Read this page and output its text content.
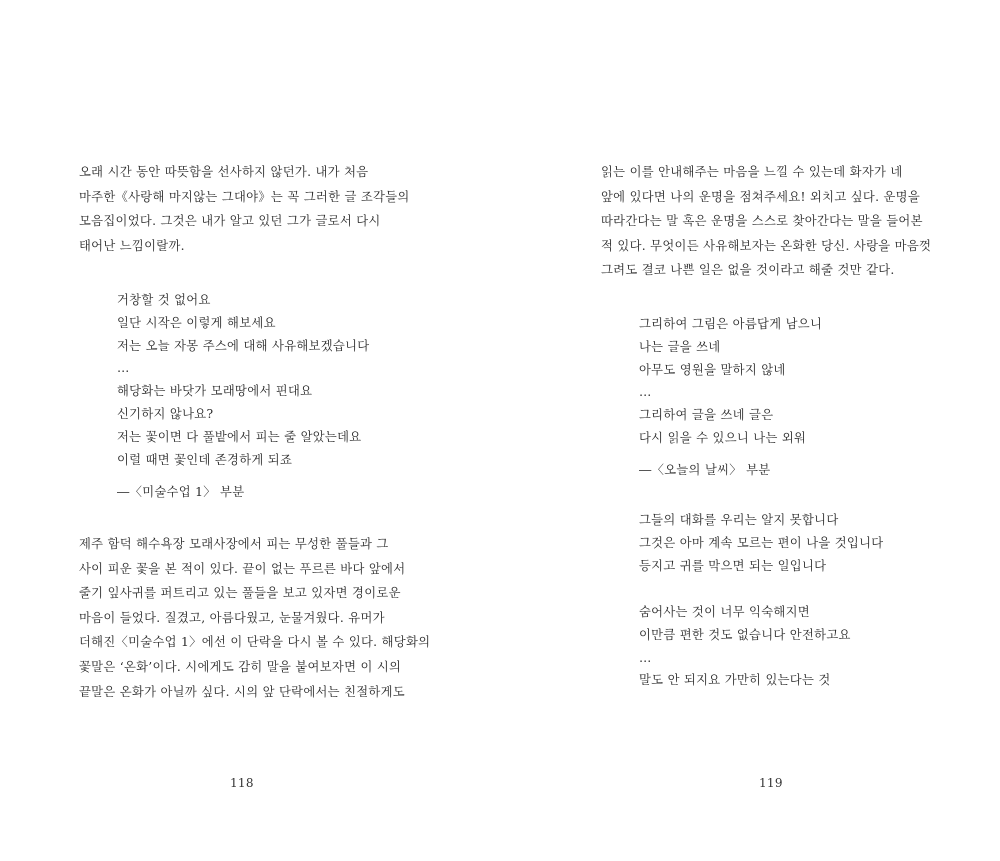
오래 시간 동안 따뜻함을 선사하지 않던가. 내가 처음
마주한《사랑해 마지않는 그대야》는 꼭 그러한 글 조각들의
모음집이었다. 그것은 내가 알고 있던 그가 글로서 다시
태어난 느낌이랄까.
거창할 것 없어요
일단 시작은 이렇게 해보세요
저는 오늘 자몽 주스에 대해 사유해보겠습니다
…
해당화는 바닷가 모래땅에서 핀대요
신기하지 않나요?
저는 꽃이면 다 풀밭에서 피는 줄 알았는데요
이럴 때면 꽃인데 존경하게 되죠
―〈미술수업 1〉 부분
제주 함덕 해수욕장 모래사장에서 피는 무성한 풀들과 그
사이 피운 꽃을 본 적이 있다. 끝이 없는 푸르른 바다 앞에서
줄기 잎사귀를 퍼트리고 있는 풀들을 보고 있자면 경이로운
마음이 들었다. 질겼고, 아름다웠고, 눈물겨웠다. 유머가
더해진〈미술수업 1〉에선 이 단락을 다시 볼 수 있다. 해당화의
꽃말은 ‘온화’이다. 시에게도 감히 말을 붙여보자면 이 시의
끝말은 온화가 아닐까 싶다. 시의 앞 단락에서는 친절하게도
118
읽는 이를 안내해주는 마음을 느낄 수 있는데 화자가 네
앞에 있다면 나의 운명을 점쳐주세요! 외치고 싶다. 운명을
따라간다는 말 혹은 운명을 스스로 찾아간다는 말을 들어본
적 있다. 무엇이든 사유해보자는 온화한 당신. 사랑을 마음껏
그려도 결코 나쁜 일은 없을 것이라고 해줄 것만 같다.
그리하여 그림은 아름답게 남으니
나는 글을 쓰네
아무도 영원을 말하지 않네
…
그리하여 글을 쓰네 글은
다시 읽을 수 있으니 나는 외워
―〈오늘의 날씨〉 부분
그들의 대화를 우리는 알지 못합니다
그것은 아마 계속 모르는 편이 나을 것입니다
등지고 귀를 막으면 되는 일입니다
숨어사는 것이 너무 익숙해지면
이만큼 편한 것도 없습니다 안전하고요
…
말도 안 되지요 가만히 있는다는 것
119
